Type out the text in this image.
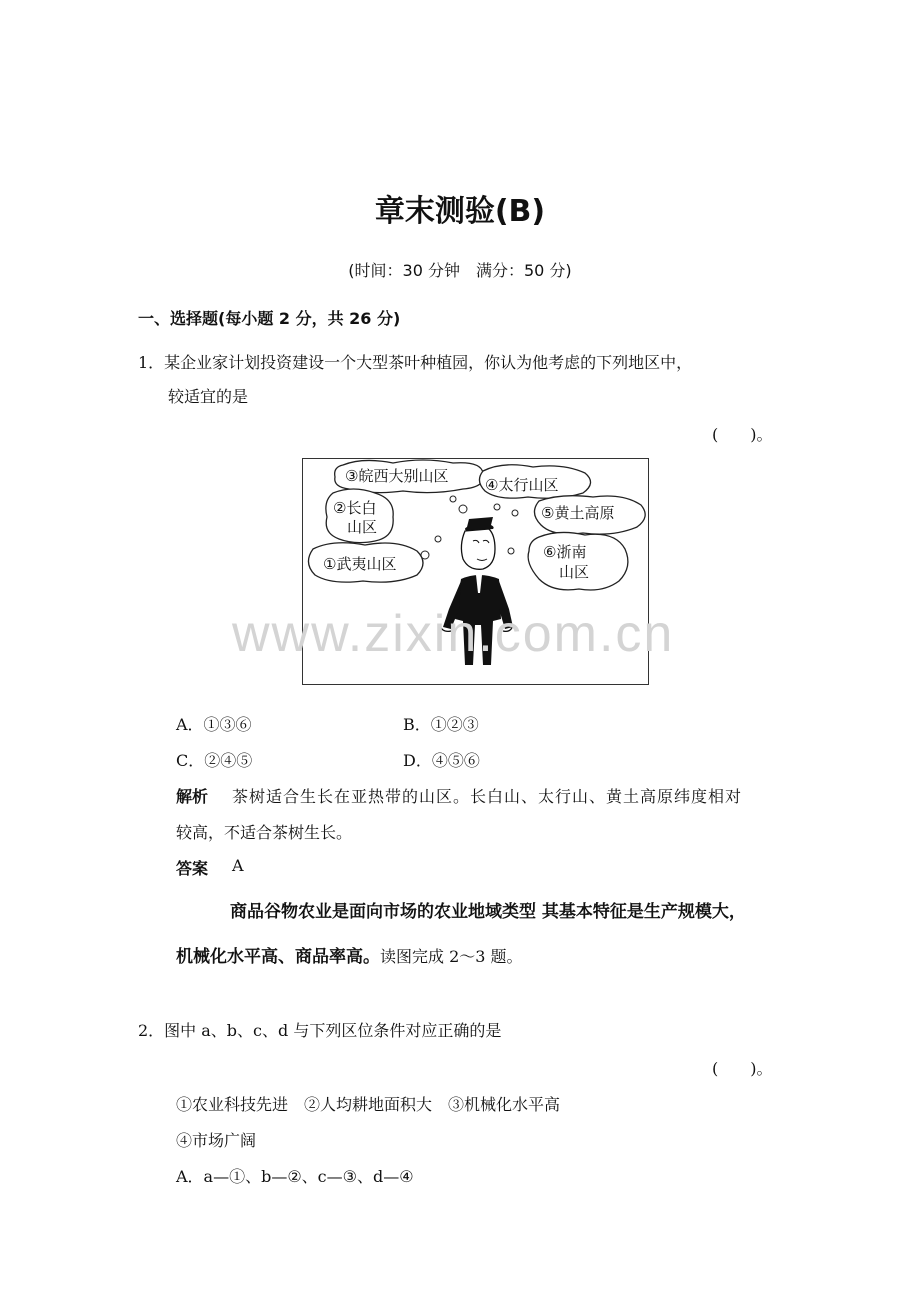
章末测验(B)
(时间：30 分钟　满分：50 分)
一、选择题(每小题 2 分，共 26 分)
1．某企业家计划投资建设一个大型茶叶种植园，你认为他考虑的下列地区中，
较适宜的是
(　　)。
③皖西大别山区 ④太行山区
②长白
山区
⑤黄土高原
①武夷山区
⑥浙南
山区
www.zixin.com.cn
A．①③⑥	B．①②③
C．②④⑤	D．④⑤⑥
解析 茶树适合生长在亚热带的山区。长白山、太行山、黄土高原纬度相对
较高，不适合茶树生长。
答案 A
商品谷物农业是面向市场的农业地域类型 其基本特征是生产规模大，
机械化水平高、商品率高。读图完成 2～3 题。
2．图中 a、b、c、d 与下列区位条件对应正确的是
(　　)。
①农业科技先进　②人均耕地面积大　③机械化水平高
④市场广阔
A．a—①、b—②、c—③、d—④
